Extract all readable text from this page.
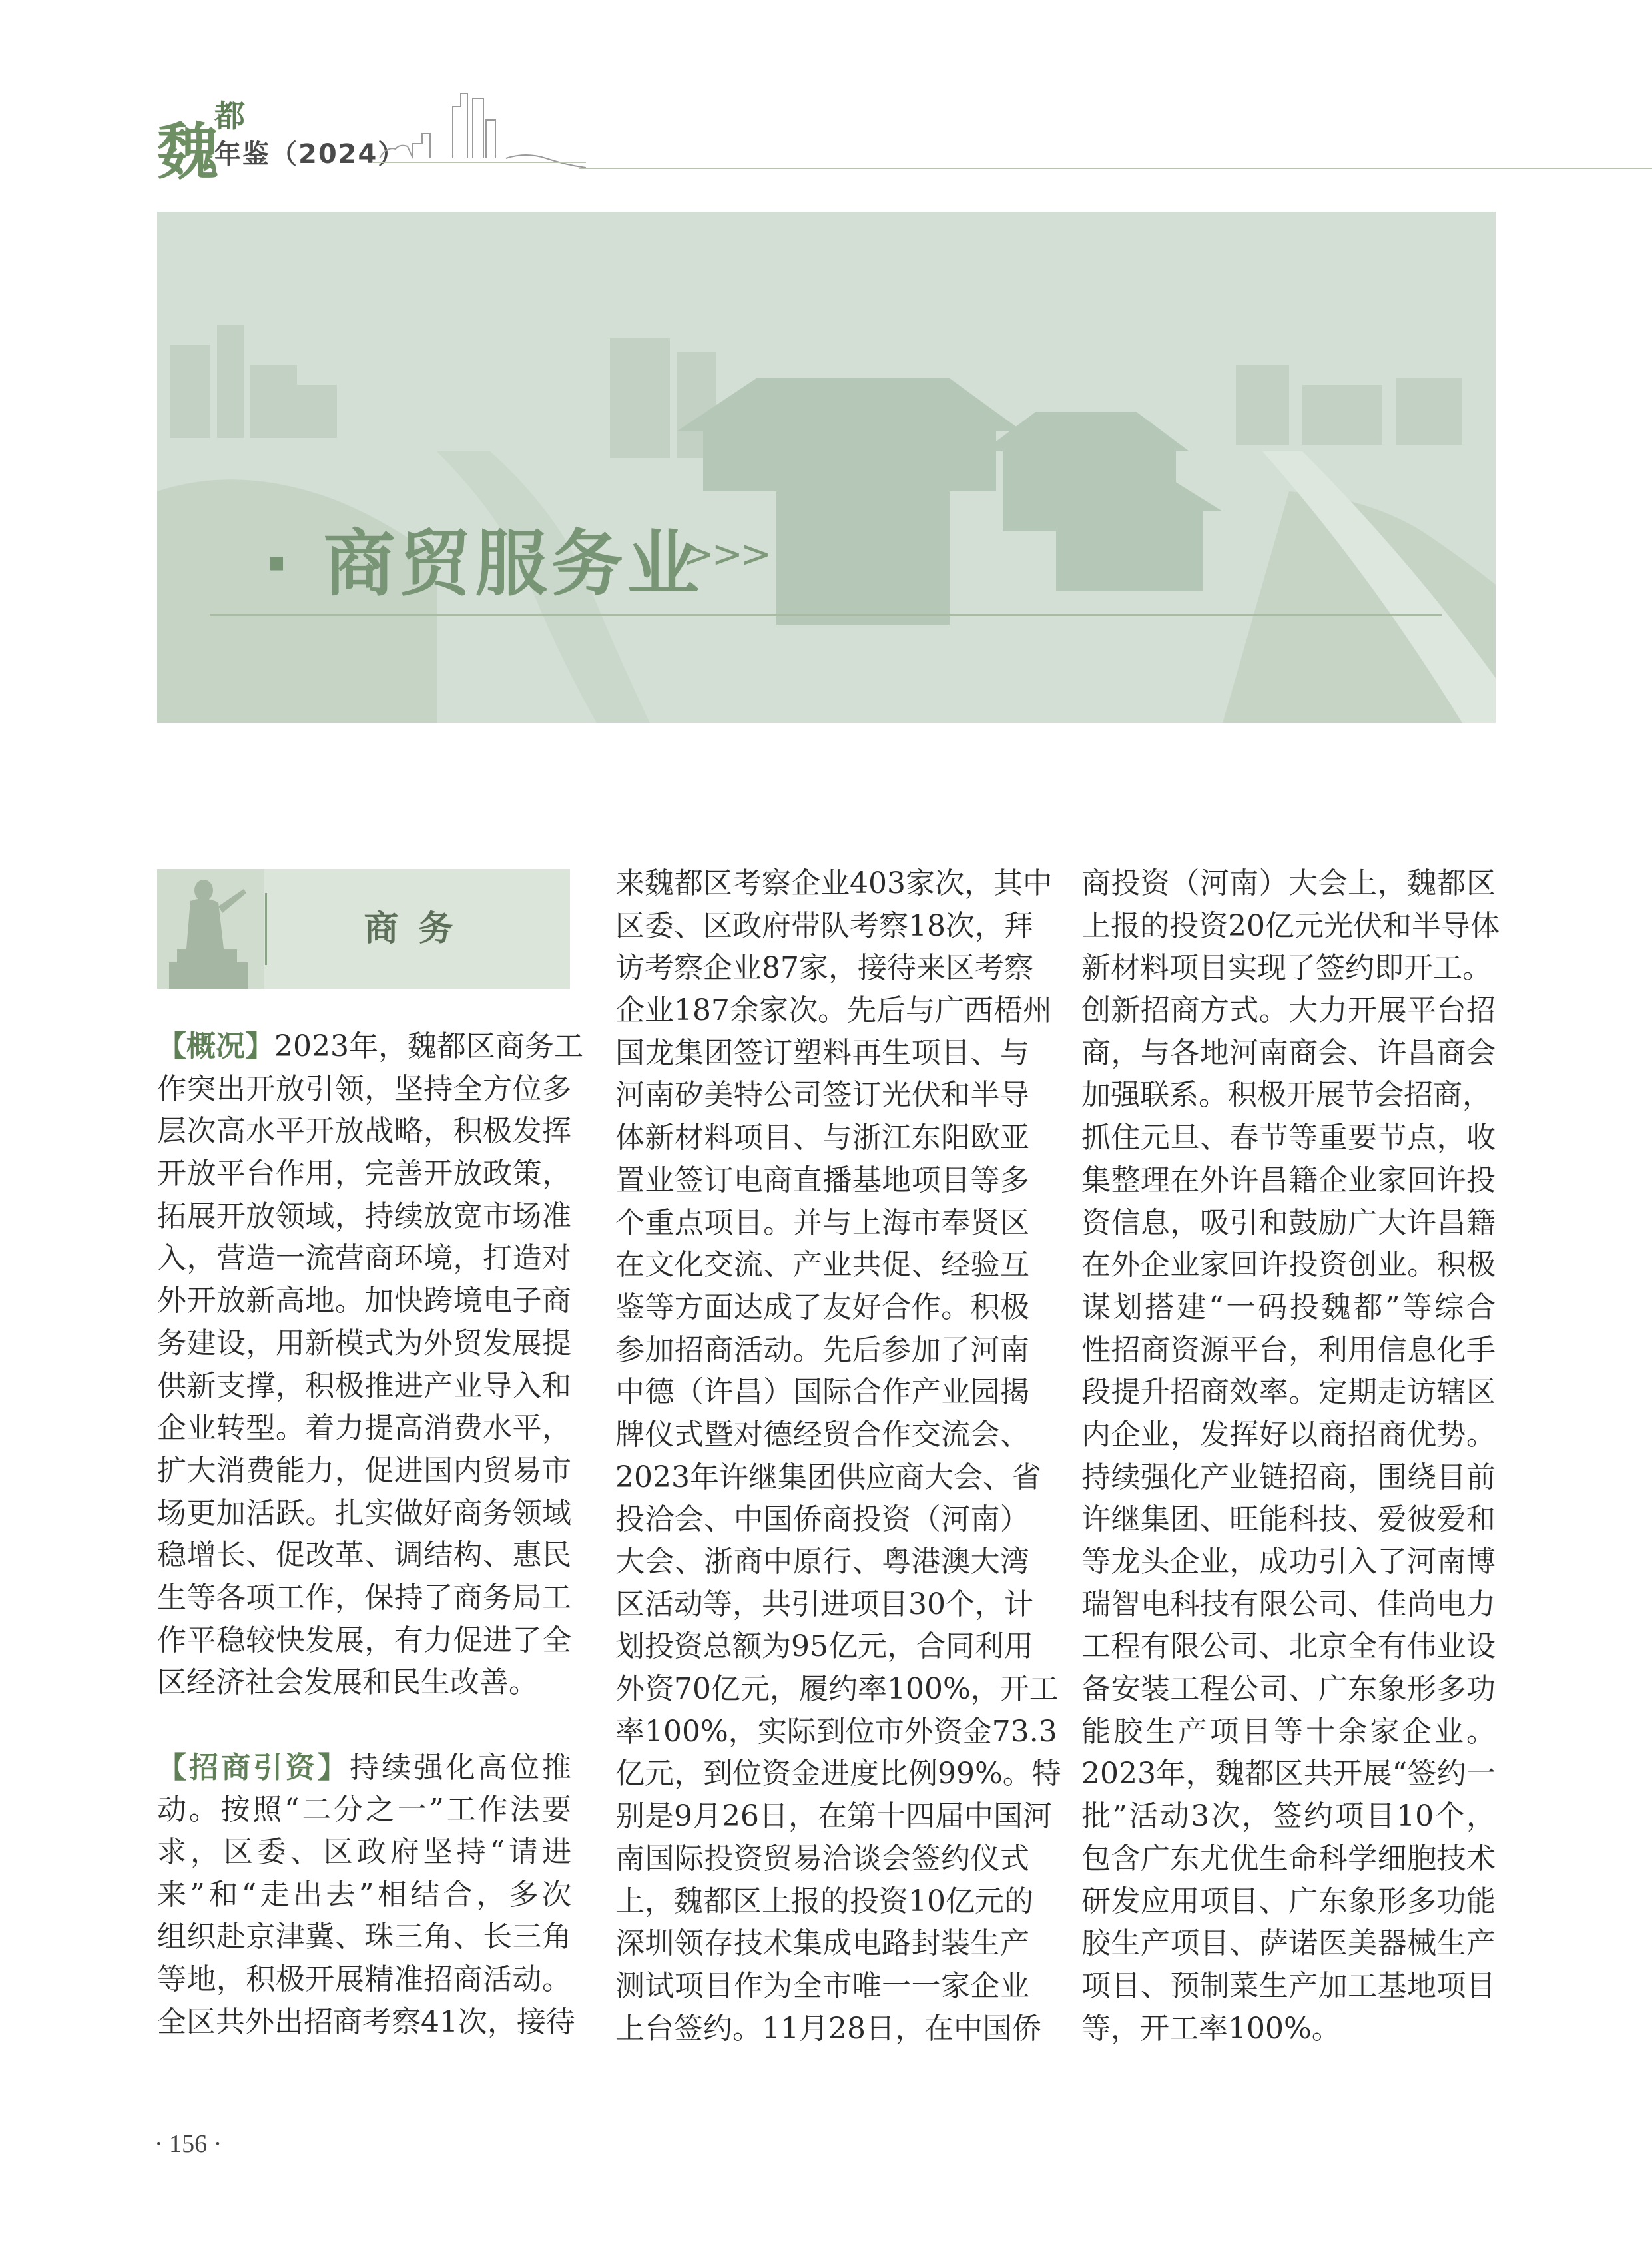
魏
都
年鉴（2024）
· 商贸服务业
>>>
商务
【概况】2023年，魏都区商务工
作突出开放引领，坚持全方位多
层次高水平开放战略，积极发挥
开放平台作用，完善开放政策，
拓展开放领域，持续放宽市场准
入，营造一流营商环境，打造对
外开放新高地。加快跨境电子商
务建设，用新模式为外贸发展提
供新支撑，积极推进产业导入和
企业转型。着力提高消费水平，
扩大消费能力，促进国内贸易市
场更加活跃。扎实做好商务领域
稳增长、促改革、调结构、惠民
生等各项工作，保持了商务局工
作平稳较快发展，有力促进了全
区经济社会发展和民生改善。
【招商引资】持续强化高位推
动。按照“二分之一”工作法要
求，区委、区政府坚持“请进
来”和“走出去”相结合，多次
组织赴京津冀、珠三角、长三角
等地，积极开展精准招商活动。
全区共外出招商考察41次，接待
来魏都区考察企业403家次，其中
区委、区政府带队考察18次，拜
访考察企业87家，接待来区考察
企业187余家次。先后与广西梧州
国龙集团签订塑料再生项目、与
河南矽美特公司签订光伏和半导
体新材料项目、与浙江东阳欧亚
置业签订电商直播基地项目等多
个重点项目。并与上海市奉贤区
在文化交流、产业共促、经验互
鉴等方面达成了友好合作。积极
参加招商活动。先后参加了河南
中德（许昌）国际合作产业园揭
牌仪式暨对德经贸合作交流会、
2023年许继集团供应商大会、省
投洽会、中国侨商投资（河南）
大会、浙商中原行、粤港澳大湾
区活动等，共引进项目30个，计
划投资总额为95亿元，合同利用
外资70亿元，履约率100%，开工
率100%，实际到位市外资金73.3
亿元，到位资金进度比例99%。特
别是9月26日，在第十四届中国河
南国际投资贸易洽谈会签约仪式
上，魏都区上报的投资10亿元的
深圳领存技术集成电路封装生产
测试项目作为全市唯一一家企业
上台签约。11月28日，在中国侨
商投资（河南）大会上，魏都区
上报的投资20亿元光伏和半导体
新材料项目实现了签约即开工。
创新招商方式。大力开展平台招
商，与各地河南商会、许昌商会
加强联系。积极开展节会招商，
抓住元旦、春节等重要节点，收
集整理在外许昌籍企业家回许投
资信息，吸引和鼓励广大许昌籍
在外企业家回许投资创业。积极
谋划搭建“一码投魏都”等综合
性招商资源平台，利用信息化手
段提升招商效率。定期走访辖区
内企业，发挥好以商招商优势。
持续强化产业链招商，围绕目前
许继集团、旺能科技、爱彼爱和
等龙头企业，成功引入了河南博
瑞智电科技有限公司、佳尚电力
工程有限公司、北京全有伟业设
备安装工程公司、广东象形多功
能胶生产项目等十余家企业。
2023年，魏都区共开展“签约一
批”活动3次，签约项目10个，
包含广东尤优生命科学细胞技术
研发应用项目、广东象形多功能
胶生产项目、萨诺医美器械生产
项目、预制菜生产加工基地项目
等，开工率100%。
· 156 ·
